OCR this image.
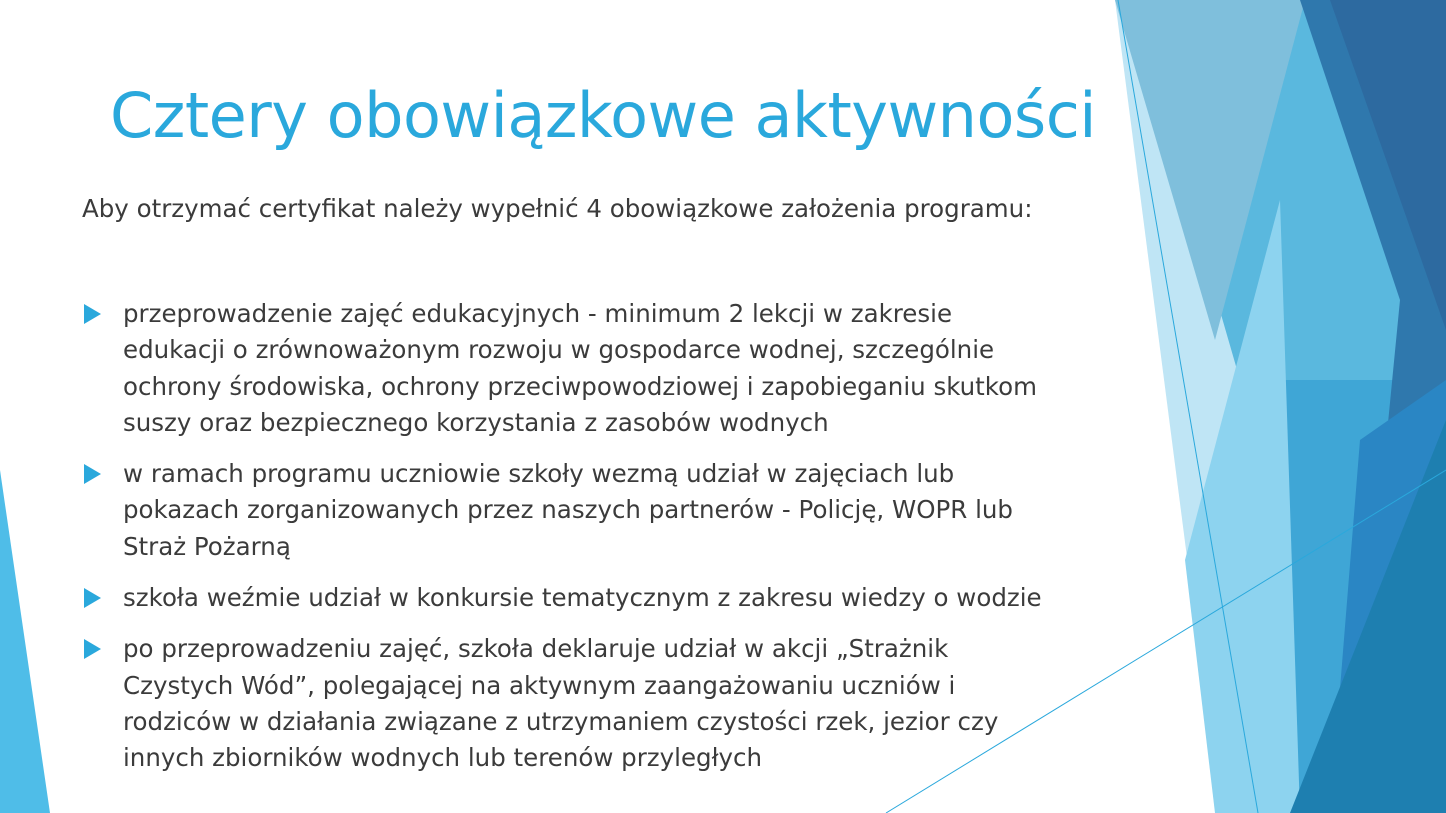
Cztery obowiązkowe aktywności

Aby otrzymać certyfikat należy wypełnić 4 obowiązkowe założenia programu:

przeprowadzenie zajęć edukacyjnych - minimum 2 lekcji w zakresie
edukacji o zrównoważonym rozwoju w gospodarce wodnej, szczególnie
ochrony środowiska, ochrony przeciwpowodziowej i zapobieganiu skutkom
suszy oraz bezpiecznego korzystania z zasobów wodnych
w ramach programu uczniowie szkoły wezmą udział w zajęciach lub
pokazach zorganizowanych przez naszych partnerów - Policję, WOPR lub
Straż Pożarną
szkoła weźmie udział w konkursie tematycznym z zakresu wiedzy o wodzie
po przeprowadzeniu zajęć, szkoła deklaruje udział w akcji „Strażnik
Czystych Wód”, polegającej na aktywnym zaangażowaniu uczniów i
rodziców w działania związane z utrzymaniem czystości rzek, jezior czy
innych zbiorników wodnych lub terenów przyległych
